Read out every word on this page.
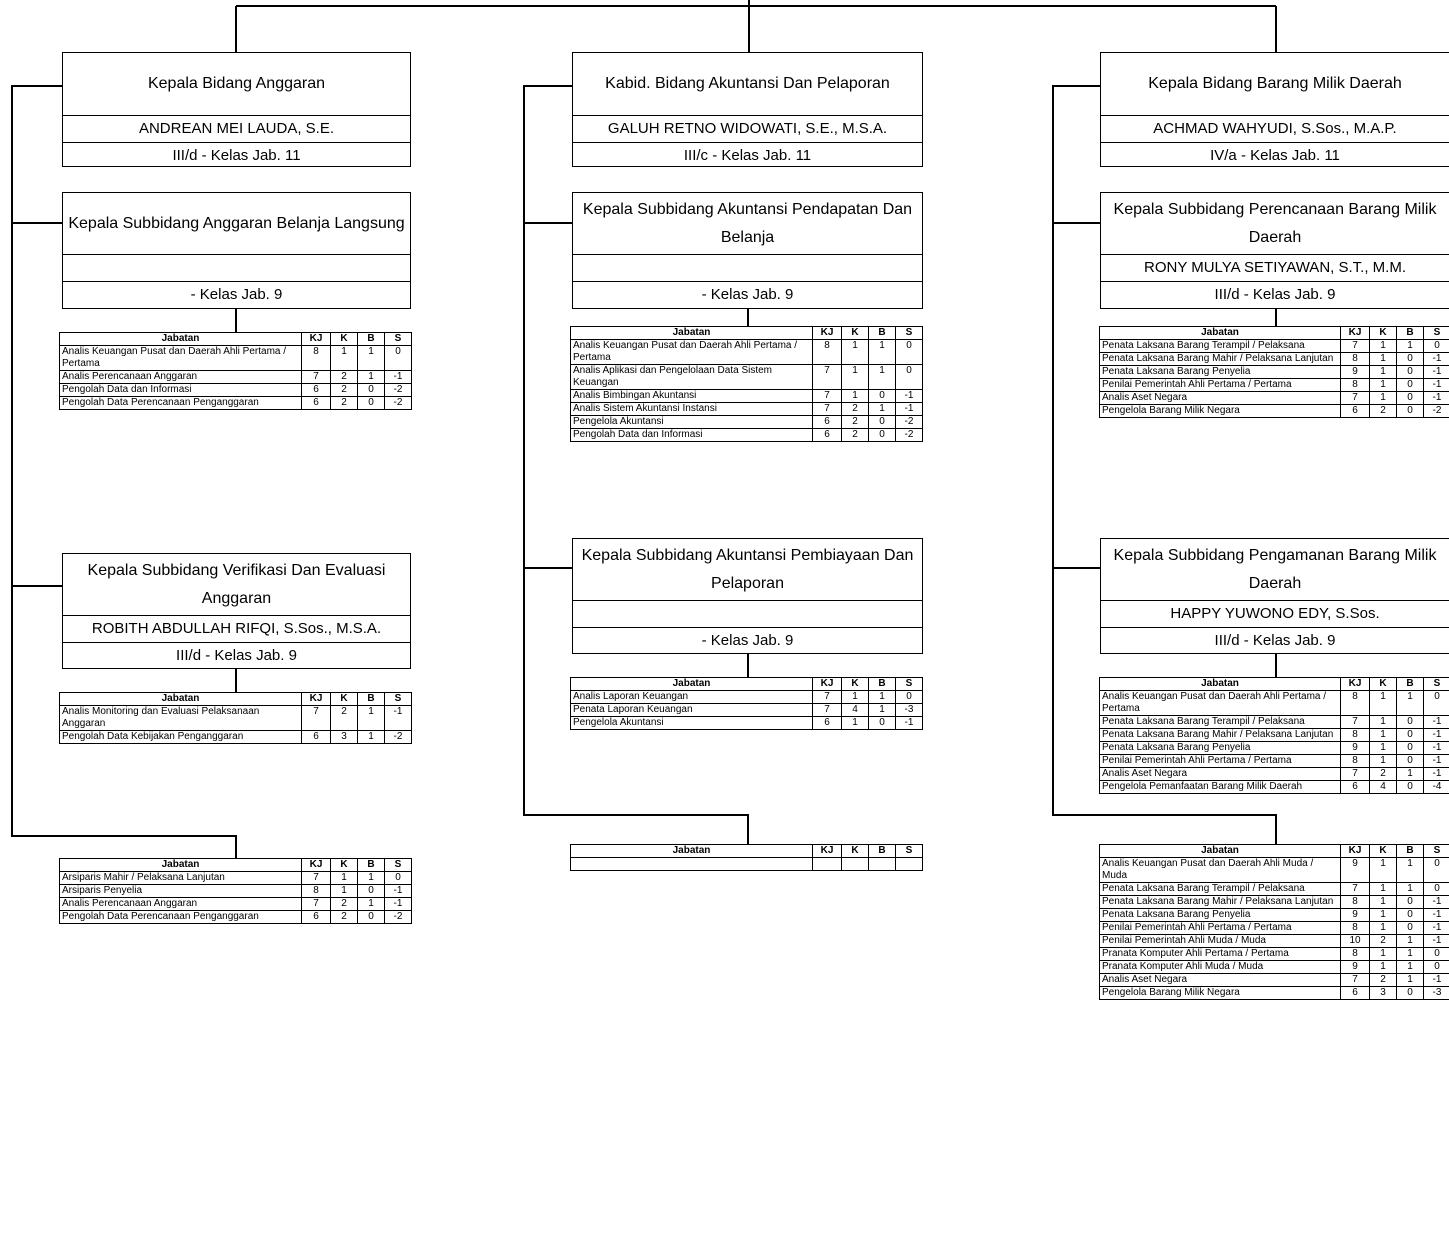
Kepala Bidang Anggaran
ANDREAN MEI LAUDA, S.E.
III/d - Kelas Jab. 11
Kepala Subbidang Anggaran Belanja Langsung
- Kelas Jab. 9
Kepala Subbidang Verifikasi Dan Evaluasi Anggaran
ROBITH ABDULLAH RIFQI, S.Sos., M.S.A.
III/d - Kelas Jab. 9
Kabid. Bidang Akuntansi Dan Pelaporan
GALUH RETNO WIDOWATI, S.E., M.S.A.
III/c - Kelas Jab. 11
Kepala Subbidang Akuntansi Pendapatan Dan Belanja
- Kelas Jab. 9
Kepala Subbidang Akuntansi Pembiayaan Dan Pelaporan
- Kelas Jab. 9
Kepala Bidang Barang Milik Daerah
ACHMAD WAHYUDI, S.Sos., M.A.P.
IV/a - Kelas Jab. 11
Kepala Subbidang Perencanaan Barang Milik Daerah
RONY MULYA SETIYAWAN, S.T., M.M.
III/d - Kelas Jab. 9
Kepala Subbidang Pengamanan Barang Milik Daerah
HAPPY YUWONO EDY, S.Sos.
III/d - Kelas Jab. 9
Jabatan	KJ	K	B	S
Analis Keuangan Pusat dan Daerah Ahli Pertama / Pertama	8	1	1	0
Analis Perencanaan Anggaran	7	2	1	-1
Pengolah Data dan Informasi	6	2	0	-2
Pengolah Data Perencanaan Penganggaran	6	2	0	-2
Jabatan	KJ	K	B	S
Analis Monitoring dan Evaluasi Pelaksanaan Anggaran	7	2	1	-1
Pengolah Data Kebijakan Penganggaran	6	3	1	-2
Jabatan	KJ	K	B	S
Arsiparis Mahir / Pelaksana Lanjutan	7	1	1	0
Arsiparis Penyelia	8	1	0	-1
Analis Perencanaan Anggaran	7	2	1	-1
Pengolah Data Perencanaan Penganggaran	6	2	0	-2
Jabatan	KJ	K	B	S
Analis Keuangan Pusat dan Daerah Ahli Pertama / Pertama	8	1	1	0
Analis Aplikasi dan Pengelolaan Data Sistem Keuangan	7	1	1	0
Analis Bimbingan Akuntansi	7	1	0	-1
Analis Sistem Akuntansi Instansi	7	2	1	-1
Pengelola Akuntansi	6	2	0	-2
Pengolah Data dan Informasi	6	2	0	-2
Jabatan	KJ	K	B	S
Analis Laporan Keuangan	7	1	1	0
Penata Laporan Keuangan	7	4	1	-3
Pengelola Akuntansi	6	1	0	-1
Jabatan	KJ	K	B	S

Jabatan	KJ	K	B	S
Penata Laksana Barang Terampil / Pelaksana	7	1	1	0
Penata Laksana Barang Mahir / Pelaksana Lanjutan	8	1	0	-1
Penata Laksana Barang Penyelia	9	1	0	-1
Penilai Pemerintah Ahli Pertama / Pertama	8	1	0	-1
Analis Aset Negara	7	1	0	-1
Pengelola Barang Milik Negara	6	2	0	-2
Jabatan	KJ	K	B	S
Analis Keuangan Pusat dan Daerah Ahli Pertama / Pertama	8	1	1	0
Penata Laksana Barang Terampil / Pelaksana	7	1	0	-1
Penata Laksana Barang Mahir / Pelaksana Lanjutan	8	1	0	-1
Penata Laksana Barang Penyelia	9	1	0	-1
Penilai Pemerintah Ahli Pertama / Pertama	8	1	0	-1
Analis Aset Negara	7	2	1	-1
Pengelola Pemanfaatan Barang Milik Daerah	6	4	0	-4
Jabatan	KJ	K	B	S
Analis Keuangan Pusat dan Daerah Ahli Muda / Muda	9	1	1	0
Penata Laksana Barang Terampil / Pelaksana	7	1	1	0
Penata Laksana Barang Mahir / Pelaksana Lanjutan	8	1	0	-1
Penata Laksana Barang Penyelia	9	1	0	-1
Penilai Pemerintah Ahli Pertama / Pertama	8	1	0	-1
Penilai Pemerintah Ahli Muda / Muda	10	2	1	-1
Pranata Komputer Ahli Pertama / Pertama	8	1	1	0
Pranata Komputer Ahli Muda / Muda	9	1	1	0
Analis Aset Negara	7	2	1	-1
Pengelola Barang Milik Negara	6	3	0	-3
